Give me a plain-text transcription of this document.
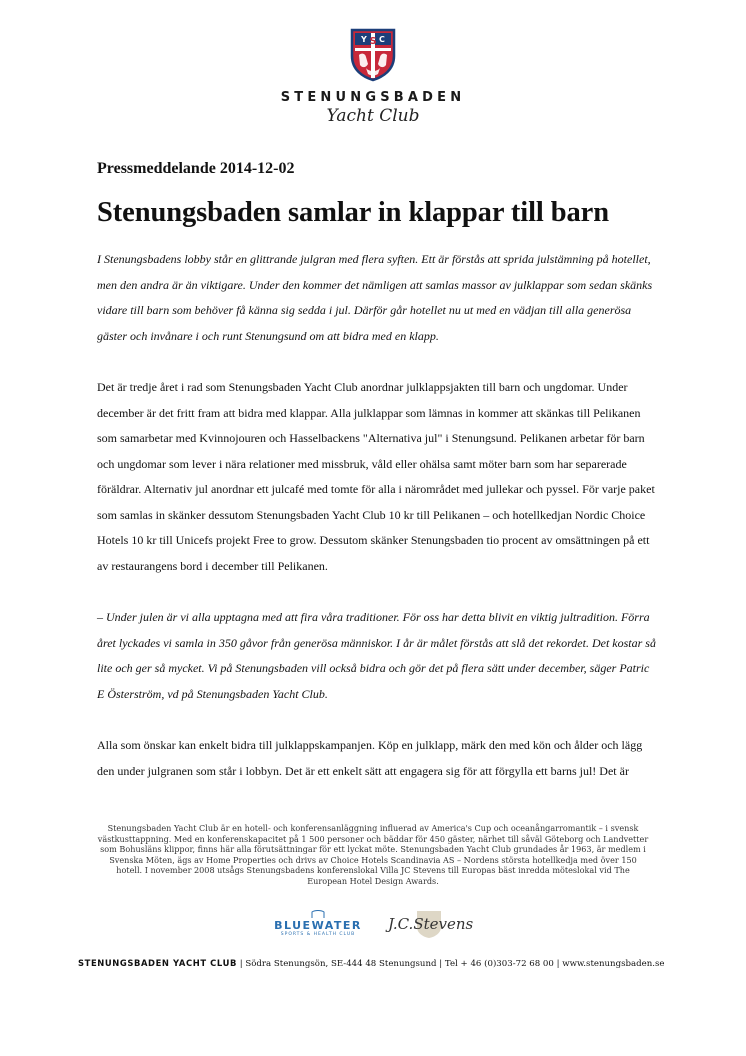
Y S C
STENUNGSBADEN
Yacht Club

Pressmeddelande 2014-12-02

Stenungsbaden samlar in klappar till barn

I Stenungsbadens lobby står en glittrande julgran med flera syften. Ett är förstås att sprida julstämning på hotellet, men den andra är än viktigare. Under den kommer det nämligen att samlas massor av julklappar som sedan skänks vidare till barn som behöver få känna sig sedda i jul. Därför går hotellet nu ut med en vädjan till alla generösa gäster och invånare i och runt Stenungsund om att bidra med en klapp.

Det är tredje året i rad som Stenungsbaden Yacht Club anordnar julklappsjakten till barn och ungdomar. Under december är det fritt fram att bidra med klappar. Alla julklappar som lämnas in kommer att skänkas till Pelikanen som samarbetar med Kvinnojouren och Hasselbackens "Alternativa jul" i Stenungsund. Pelikanen arbetar för barn och ungdomar som lever i nära relationer med missbruk, våld eller ohälsa samt möter barn som har separerade föräldrar. Alternativ jul anordnar ett julcafé med tomte för alla i närområdet med jullekar och pyssel. För varje paket som samlas in skänker dessutom Stenungsbaden Yacht Club 10 kr till Pelikanen – och hotellkedjan Nordic Choice Hotels 10 kr till Unicefs projekt Free to grow. Dessutom skänker Stenungsbaden tio procent av omsättningen på ett av restaurangens bord i december till Pelikanen.

– Under julen är vi alla upptagna med att fira våra traditioner. För oss har detta blivit en viktig jultradition. Förra året lyckades vi samla in 350 gåvor från generösa människor. I år är målet förstås att slå det rekordet. Det kostar så lite och ger så mycket. Vi på Stenungsbaden vill också bidra och gör det på flera sätt under december, säger Patric E Österström, vd på Stenungsbaden Yacht Club.

Alla som önskar kan enkelt bidra till julklappskampanjen. Köp en julklapp, märk den med kön och ålder och lägg den under julgranen som står i lobbyn. Det är ett enkelt sätt att engagera sig för att förgylla ett barns jul! Det är

Stenungsbaden Yacht Club är en hotell- och konferensanläggning influerad av America's Cup och oceanångarromantik – i svensk västkusttappning. Med en konferenskapacitet på 1 500 personer och bäddar för 450 gäster, närhet till såväl Göteborg och Landvetter som Bohusläns klippor, finns här alla förutsättningar för ett lyckat möte. Stenungsbaden Yacht Club grundades år 1963, är medlem i Svenska Möten, ägs av Home Properties och drivs av Choice Hotels Scandinavia AS – Nordens största hotellkedja med över 150 hotell. I november 2008 utsågs Stenungsbadens konferenslokal Villa JC Stevens till Europas bäst inredda möteslokal vid The European Hotel Design Awards.
BLUEWATER
SPORTS & HEALTH CLUB
J.C.Stevens
STENUNGSBADEN YACHT CLUB | Södra Stenungsön, SE-444 48 Stenungsund | Tel + 46 (0)303-72 68 00 | www.stenungsbaden.se
